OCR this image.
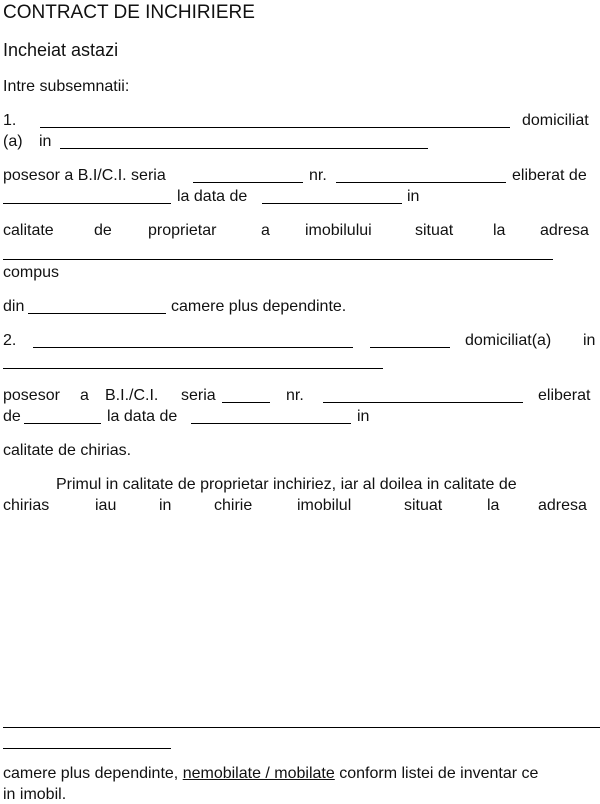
CONTRACT DE INCHIRIERE
Incheiat astazi
Intre subsemnatii:
1.	domiciliat
(a) in
posesor a B.I/C.I. seria	nr.	eliberat de
la data de	in
calitate	de proprietar	a imobilului	situat la adresa
compus
din	camere plus dependinte.
2.	domiciliat(a) in
posesor a B.I./C.I. seria	nr.	eliberat
de	la data de	in
calitate de chirias.
Primul in calitate de proprietar inchiriez, iar al doilea in calitate de
chirias	iau	in	chirie	imobilul	situat	la adresa
camere plus dependinte, nemobilate / mobilate conform listei de inventar ce
in imobil.
